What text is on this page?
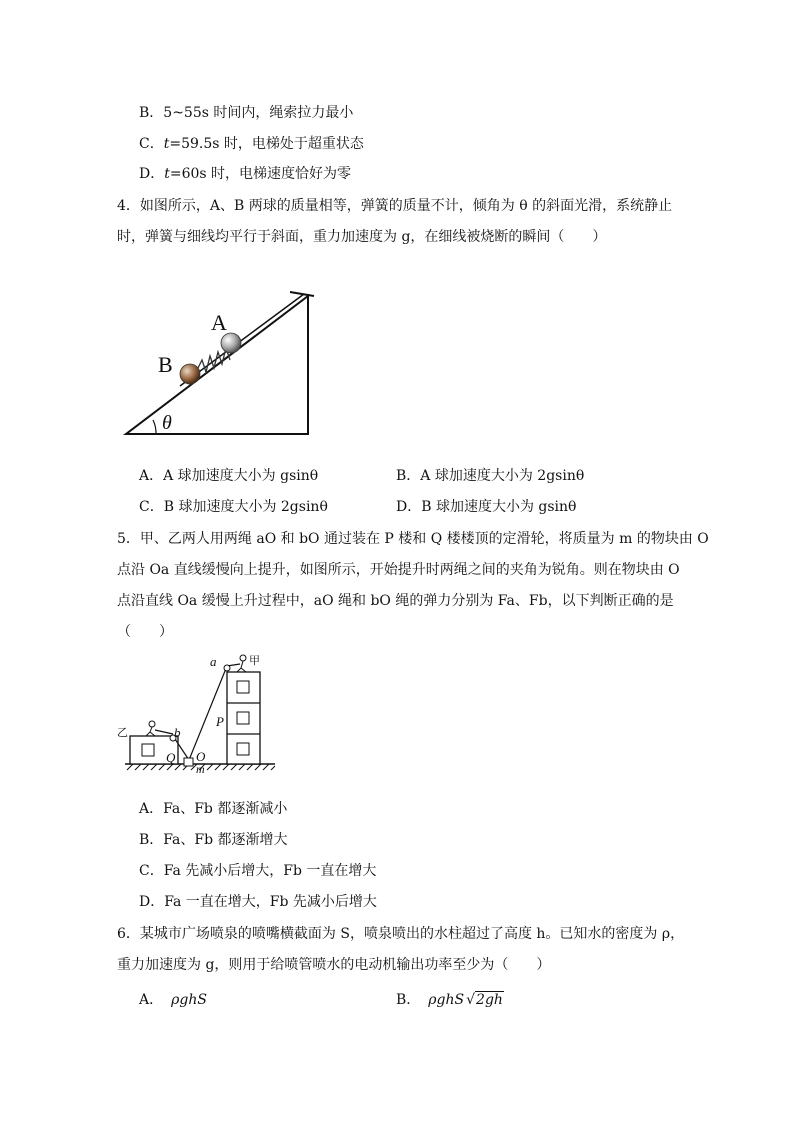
B．5~55s 时间内，绳索拉力最小
C．t=59.5s 时，电梯处于超重状态
D．t=60s 时，电梯速度恰好为零
4．如图所示，A、B 两球的质量相等，弹簧的质量不计，倾角为 θ 的斜面光滑，系统静止
时，弹簧与细线均平行于斜面，重力加速度为 g，在细线被烧断的瞬间（　　）
A
B
θ
A．A 球加速度大小为 gsinθ	B．A 球加速度大小为 2gsinθ
C．B 球加速度大小为 2gsinθ	D．B 球加速度大小为 gsinθ
5．甲、乙两人用两绳 aO 和 bO 通过装在 P 楼和 Q 楼楼顶的定滑轮，将质量为 m 的物块由 O
点沿 Oa 直线缓慢向上提升，如图所示，开始提升时两绳之间的夹角为锐角。则在物块由 O
点沿直线 Oa 缓慢上升过程中，aO 绳和 bO 绳的弹力分别为 Fa、Fb，以下判断正确的是
（　　）
a	甲
乙	b
P
Q O
m
A．Fa、Fb 都逐渐减小
B．Fa、Fb 都逐渐增大
C．Fa 先减小后增大，Fb 一直在增大
D．Fa 一直在增大，Fb 先减小后增大
6．某城市广场喷泉的喷嘴横截面为 S，喷泉喷出的水柱超过了高度 h。已知水的密度为 ρ，
重力加速度为 g，则用于给喷管喷水的电动机输出功率至少为（　　）
A． ρghS	B． ρghS √2gh
